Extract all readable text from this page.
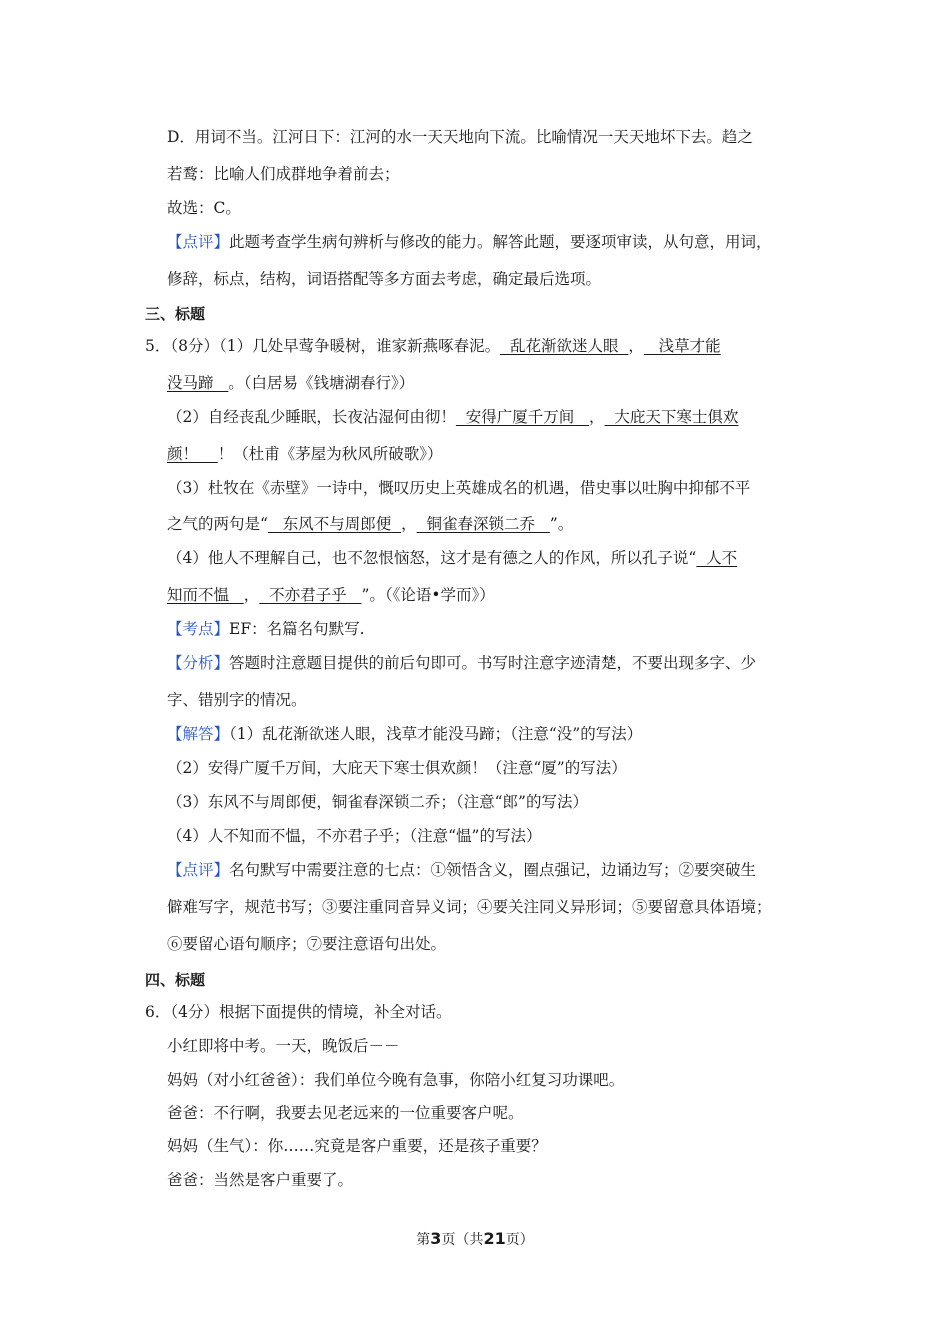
D．用词不当。江河日下：江河的水一天天地向下流。比喻情况一天天地坏下去。趋之
若鹜：比喻人们成群地争着前去；
故选：C。
【点评】此题考查学生病句辨析与修改的能力。解答此题，要逐项审读，从句意，用词，
修辞，标点，结构，词语搭配等多方面去考虑，确定最后选项。
三、标题
5．（8分）（1）几处早莺争暖树，谁家新燕啄春泥。 乱花渐欲迷人眼 ， 浅草才能
没马蹄 。（白居易《钱塘湖春行》）
（2）自经丧乱少睡眠，长夜沾湿何由彻！ 安得广厦千万间 ， 大庇天下寒士俱欢
颜！ ！（杜甫《茅屋为秋风所破歌》）
（3）杜牧在《赤壁》一诗中，慨叹历史上英雄成名的机遇，借史事以吐胸中抑郁不平
之气的两句是“ 东风不与周郎便 ， 铜雀春深锁二乔 ”。
（4）他人不理解自己，也不忽恨恼怒，这才是有德之人的作风，所以孔子说“ 人不
知而不愠 ， 不亦君子乎 ”。（《论语•学而》）
【考点】EF：名篇名句默写.
【分析】答题时注意题目提供的前后句即可。书写时注意字迹清楚，不要出现多字、少
字、错别字的情况。
【解答】（1）乱花渐欲迷人眼，浅草才能没马蹄；（注意“没”的写法）
（2）安得广厦千万间，大庇天下寒士俱欢颜！（注意“厦”的写法）
（3）东风不与周郎便，铜雀春深锁二乔；（注意“郎”的写法）
（4）人不知而不愠，不亦君子乎；（注意“愠”的写法）
【点评】名句默写中需要注意的七点：①领悟含义，圈点强记，边诵边写；②要突破生
僻难写字，规范书写；③要注重同音异义词；④要关注同义异形词；⑤要留意具体语境；
⑥要留心语句顺序；⑦要注意语句出处。
四、标题
6．（4分）根据下面提供的情境，补全对话。
小红即将中考。一天，晚饭后－－
妈妈（对小红爸爸）：我们单位今晚有急事，你陪小红复习功课吧。
爸爸：不行啊，我要去见老远来的一位重要客户呢。
妈妈（生气）：你……究竟是客户重要，还是孩子重要？
爸爸：当然是客户重要了。
第3页（共21页）
